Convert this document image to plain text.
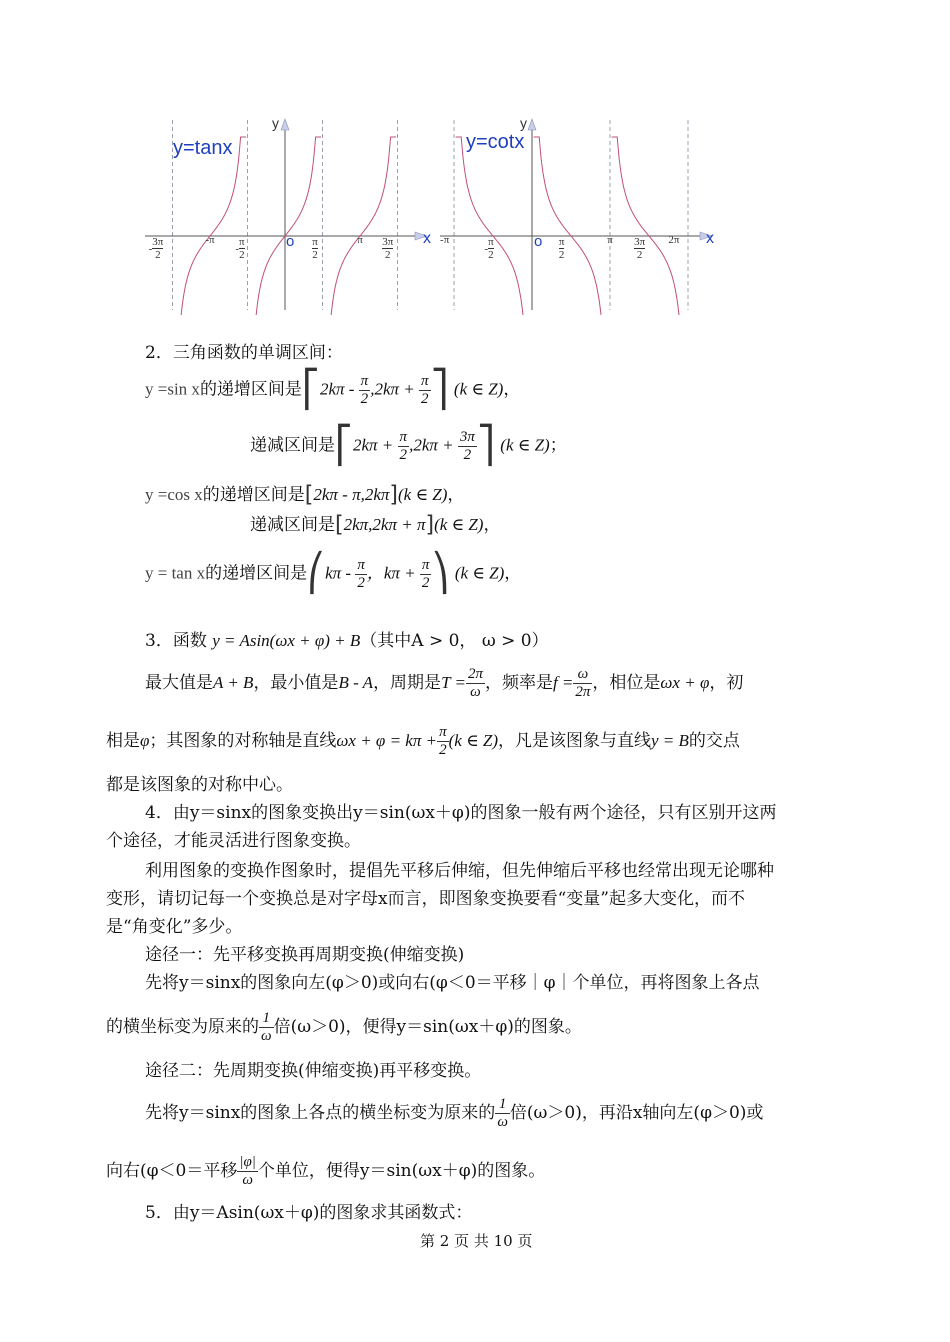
y=tanx
y
x
o
- $\frac{3\pi}{2}$	-π
- $\frac{\pi}{2}$	$\frac{\pi}{2}$	π	$\frac{3\pi}{2}$
y=cotx
y
x
o
-π
- $\frac{\pi}{2}$	$\frac{\pi}{2}$	π	$\frac{3\pi}{2}$	2π
2．三角函数的单调区间：
y =sin x的递增区间是⎡2kπ - $\frac{\pi}{2} ,2k\pi + \frac{\pi}{2}$ ⎤ (k ∈ Z)，
递减区间是⎡2kπ + $\frac{\pi}{2} ,2k\pi + \frac{3\pi}{2}$ ⎤ (k ∈ Z)；
y =cos x的递增区间是[2kπ - π,2kπ](k ∈ Z)，
递减区间是[2kπ,2kπ + π](k ∈ Z)，
y = tan x的递增区间是⎛kπ - $\frac{\pi}{2}$ ，$k\pi + \frac{\pi}{2}$ ⎞ (k ∈ Z)，
3．函数 y = Asin(ωx + φ) + B（其中A > 0， ω > 0）
最大值是A + B，最小值是B - A，周期是$T = \frac{2\pi}{\omega}$ ，频率是$f = \frac{\omega}{2\pi}$ ，相位是ωx + φ，初
相是φ；其图象的对称轴是直线$\omega x + \varphi = k\pi + \frac{\pi}{2} (k$ ∈ Z)，凡是该图象与直线y = B的交点
都是该图象的对称中心。
4．由y＝sinx的图象变换出y＝sin(ωx＋φ)的图象一般有两个途径，只有区别开这两
个途径，才能灵活进行图象变换。
利用图象的变换作图象时，提倡先平移后伸缩，但先伸缩后平移也经常出现无论哪种
变形，请切记每一个变换总是对字母x而言，即图象变换要看“变量”起多大变化，而不
是“角变化”多少。
途径一：先平移变换再周期变换(伸缩变换)
先将y＝sinx的图象向左(φ＞0)或向右(φ＜0＝平移｜φ｜个单位，再将图象上各点
的横坐标变为原来的 $\frac{1}{\omega}$ 倍(ω＞0)，便得y＝sin(ωx＋φ)的图象。
途径二：先周期变换(伸缩变换)再平移变换。
先将y＝sinx的图象上各点的横坐标变为原来的 $\frac{1}{\omega}$ 倍(ω＞0)，再沿x轴向左(φ＞0)或
向右(φ＜0＝平移 $\frac{|\varphi|}{\omega}$ 个单位，便得y＝sin(ωx＋φ)的图象。
5．由y＝Asin(ωx＋φ)的图象求其函数式：
第 2 页 共 10 页
